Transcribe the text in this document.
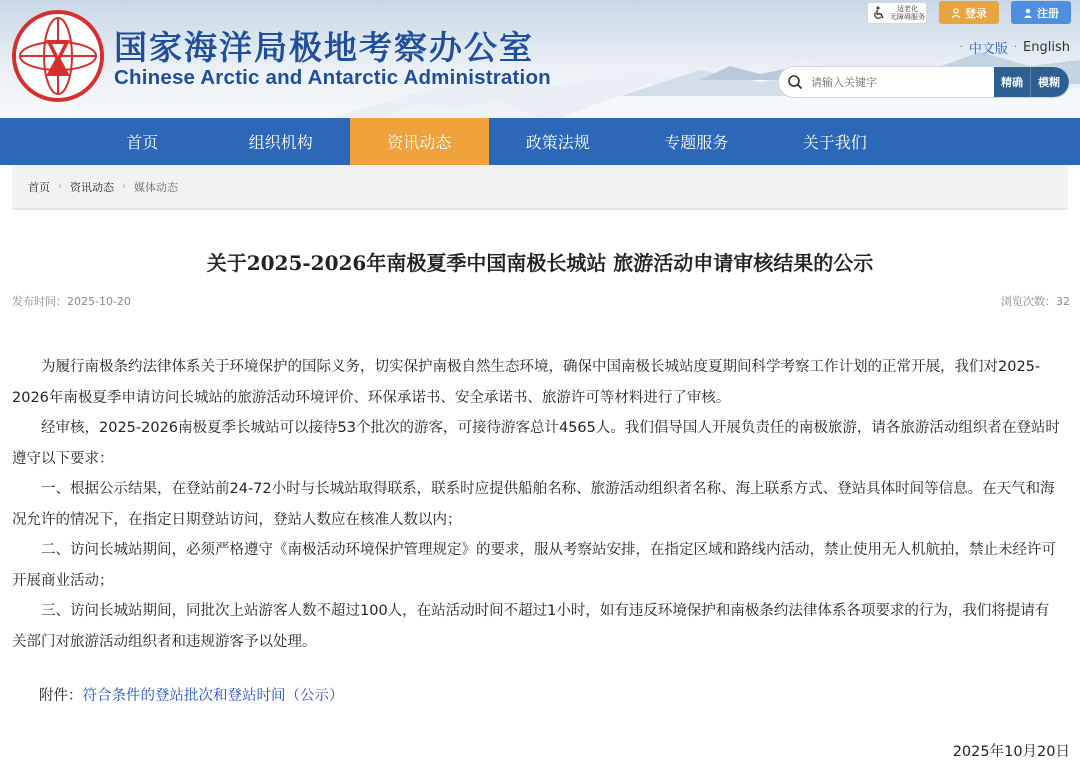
国家海洋局极地考察办公室
Chinese Arctic and Antarctic Administration
适老化
无障碍服务	登录	注册
· 中文版 · English
请输入关键字
精确	模糊
首页	组织机构	资讯动态	政策法规	专题服务	关于我们
首页 › 资讯动态 › 媒体动态
关于2025-2026年南极夏季中国南极长城站 旅游活动申请审核结果的公示
发布时间：2025-10-20	浏览次数：32

为履行南极条约法律体系关于环境保护的国际义务，切实保护南极自然生态环境，确保中国南极长城站度夏期间科学考察工作计划的正常开展，我们对2025-2026年南极夏季申请访问长城站的旅游活动环境评价、环保承诺书、安全承诺书、旅游许可等材料进行了审核。

经审核，2025-2026南极夏季长城站可以接待53个批次的游客，可接待游客总计4565人。我们倡导国人开展负责任的南极旅游，请各旅游活动组织者在登站时遵守以下要求：

一、根据公示结果，在登站前24-72小时与长城站取得联系，联系时应提供船舶名称、旅游活动组织者名称、海上联系方式、登站具体时间等信息。在天气和海况允许的情况下，在指定日期登站访问，登站人数应在核准人数以内；

二、访问长城站期间，必须严格遵守《南极活动环境保护管理规定》的要求，服从考察站安排，在指定区域和路线内活动，禁止使用无人机航拍，禁止未经许可开展商业活动；

三、访问长城站期间，同批次上站游客人数不超过100人，在站活动时间不超过1小时，如有违反环境保护和南极条约法律体系各项要求的行为，我们将提请有关部门对旅游活动组织者和违规游客予以处理。

附件：符合条件的登站批次和登站时间（公示）
2025年10月20日
